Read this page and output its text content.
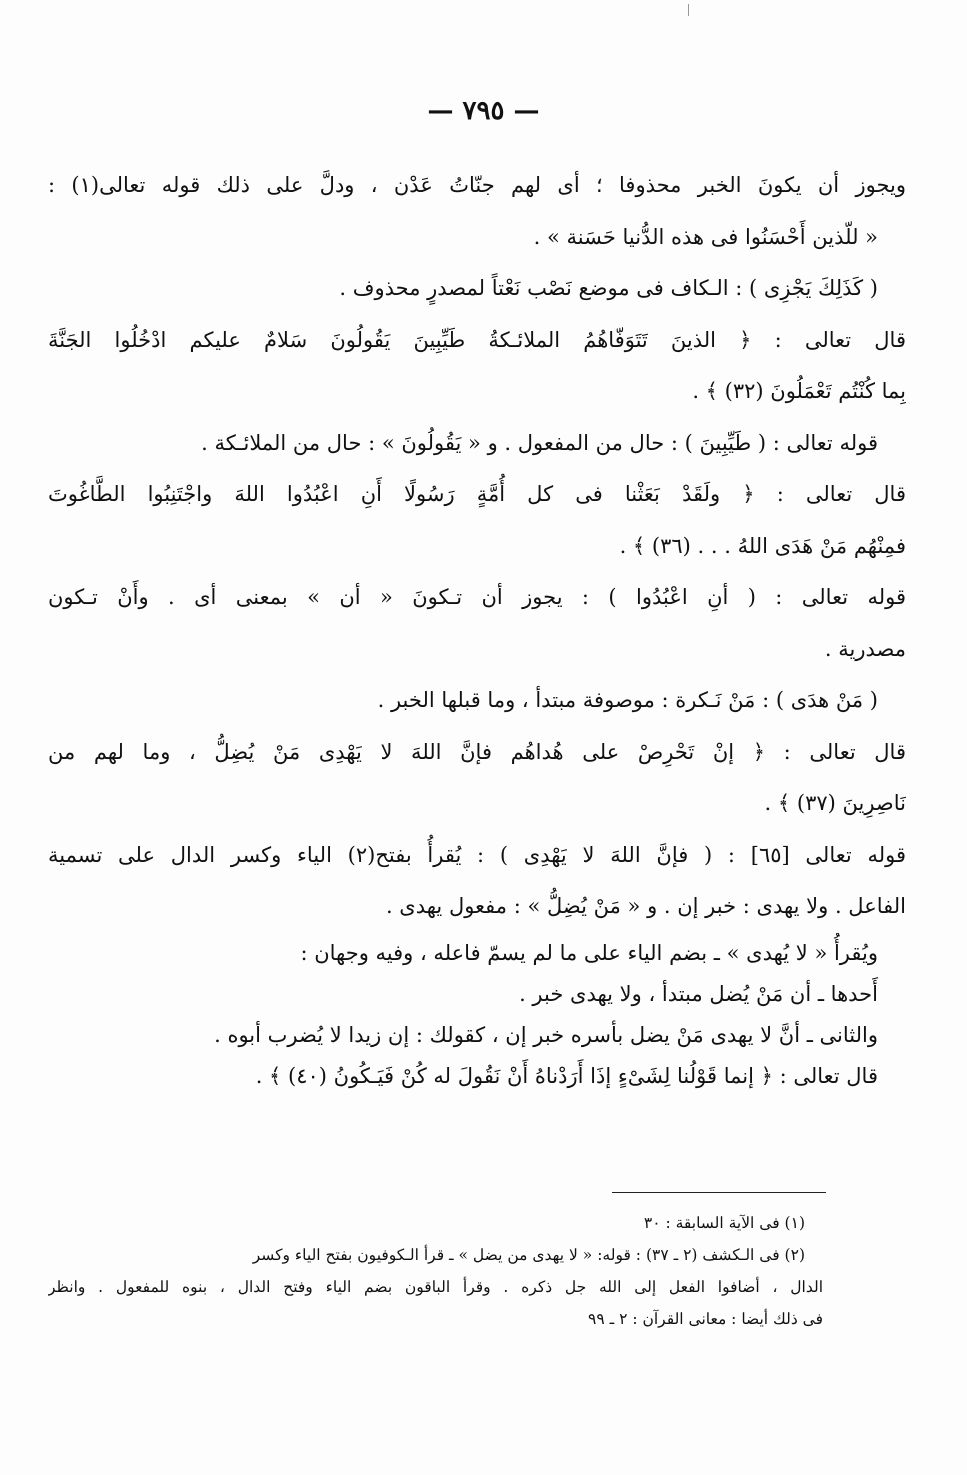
— ٧٩٥ —
ويجوز أن يكونَ الخبر محذوفا ؛ أى لهم جنّاتُ عَدْن ، ودلَّ على ذلك قوله تعالى(١) :
« للّذين أَحْسَنُوا فى هذه الدُّنيا حَسَنة » .
( كَذَلِكَ يَجْزِى ) : الـكاف فى موضع نَصْب نَعْتاً لمصدرٍ محذوف .
قال تعالى : ﴿ الذينَ تَتَوَفّاهُمُ الملائـكةُ طَيِّبِينَ يَقُولُونَ سَلامٌ عليكم ادْخُلُوا الجَنَّةَ
بِما كُنْتُم تَعْمَلُونَ (٣٢) ﴾ .
قوله تعالى : ( طَيِّبِينَ ) : حال من المفعول . و « يَقُولُونَ » : حال من الملائـكة .
قال تعالى : ﴿ ولَقَدْ بَعَثْنا فى كل أُمَّةٍ رَسُولًا أَنِ اعْبُدُوا اللهَ واجْتَنِبُوا الطَّاغُوتَ
فمِنْهُم مَنْ هَدَى اللهُ . . . (٣٦) ﴾ .
قوله تعالى : ( أنِ اعْبُدُوا ) : يجوز أن تـكونَ « أن » بمعنى أى . وأَنْ تـكون
مصدرية .
( مَنْ هدَى ) : مَنْ نَـكرة : موصوفة مبتدأ ، وما قبلها الخبر .
قال تعالى : ﴿ إنْ تَحْرِصْ على هُداهُم فإنَّ اللهَ لا يَهْدِى مَنْ يُضِلُّ ، وما لهم من
نَاصِرِينَ (٣٧) ﴾ .
قوله تعالى [٦٥] : ( فإنَّ اللهَ لا يَهْدِى ) : يُقرأُ بفتح(٢) الياء وكسر الدال على تسمية
الفاعل . ولا يهدى : خبر إن . و « مَنْ يُضِلُّ » : مفعول يهدى .
ويُقرأُ « لا يُهدى » ـ بضم الياء على ما لم يسمّ فاعله ، وفيه وجهان :
أَحدها ـ أن مَنْ يُضل مبتدأ ، ولا يهدى خبر .
والثانى ـ أنَّ لا يهدى مَنْ يضل بأسره خبر إن ، كقولك : إن زيدا لا يُضرب أبوه .
قال تعالى : ﴿ إنما قَوْلُنا لِشَىْءٍ إذَا أَرَدْناهُ أَنْ نَقُولَ له كُنْ فَيَـكُونُ (٤٠) ﴾ .
(١) فى الآية السابقة : ٣٠
(٢) فى الـكشف (٢ ـ ٣٧) : قوله: « لا يهدى من يضل » ـ قرأ الـكوفيون بفتح الياء وكسر
الدال ، أضافوا الفعل إلى الله جل ذكره . وقرأ الباقون بضم الياء وفتح الدال ، بنوه للمفعول . وانظر
فى ذلك أيضا : معانى القرآن : ٢ ـ ٩٩
